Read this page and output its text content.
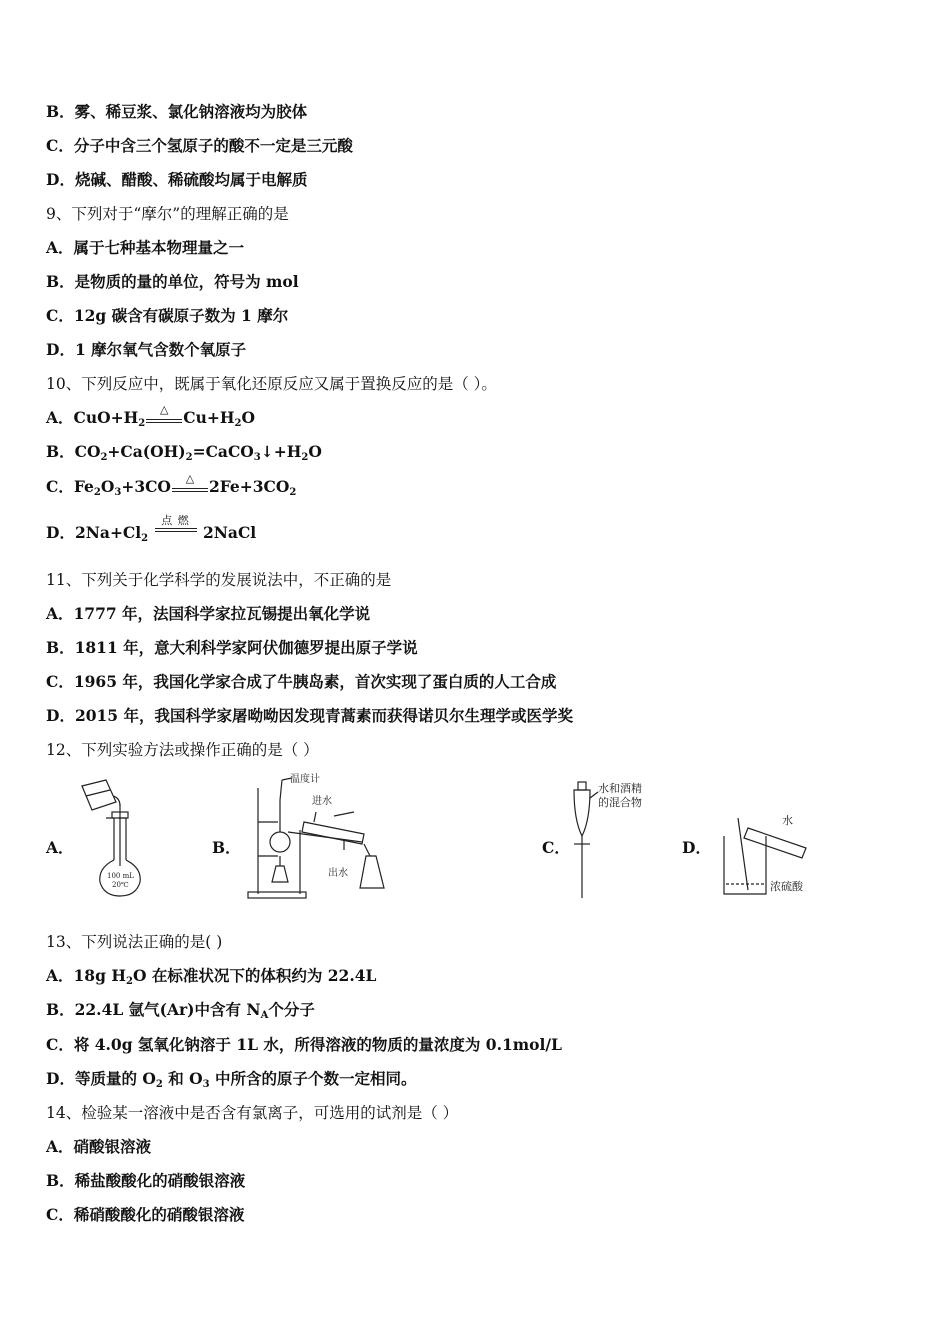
B．雾、稀豆浆、氯化钠溶液均为胶体
C．分子中含三个氢原子的酸不一定是三元酸
D．烧碱、醋酸、稀硫酸均属于电解质
9、下列对于“摩尔”的理解正确的是
A．属于七种基本物理量之一
B．是物质的量的单位，符号为 mol
C．12g 碳含有碳原子数为 1 摩尔
D．1 摩尔氧气含数个氧原子
10、下列反应中，既属于氧化还原反应又属于置换反应的是（ ）。
A．$CuO+H_2$
△ $Cu+H_2O$
B．$CO_2+Ca(OH)_2=CaCO_3↓+H_2O$
C．$Fe_2O_3+3CO$	△ $2Fe+3CO_2$
D．$2Na+Cl_2$
点 燃
2NaCl
11、下列关于化学科学的发展说法中，不正确的是
A．1777 年，法国科学家拉瓦锡提出氧化学说
B．1811 年，意大利科学家阿伏伽德罗提出原子学说
C．1965 年，我国化学家合成了牛胰岛素，首次实现了蛋白质的人工合成
D．2015 年，我国科学家屠呦呦因发现青蒿素而获得诺贝尔生理学或医学奖
12、下列实验方法或操作正确的是（ ）
A．	B．	C．	D．
100 mL
20℃
温度计
进水
出水
水和酒精
的混合物
水
浓硫酸
13、下列说法正确的是( )
A．18g $H_2O$ 在标准状况下的体积约为 22.4L
B．22.4L 氩气(Ar)中含有 $N_A$个分子
C．将 4.0g 氢氧化钠溶于 1L 水，所得溶液的物质的量浓度为 0.1mol/L
D．等质量的 $O_2$ 和 $O_3$ 中所含的原子个数一定相同。
14、检验某一溶液中是否含有氯离子，可选用的试剂是（ ）
A．硝酸银溶液
B．稀盐酸酸化的硝酸银溶液
C．稀硝酸酸化的硝酸银溶液
